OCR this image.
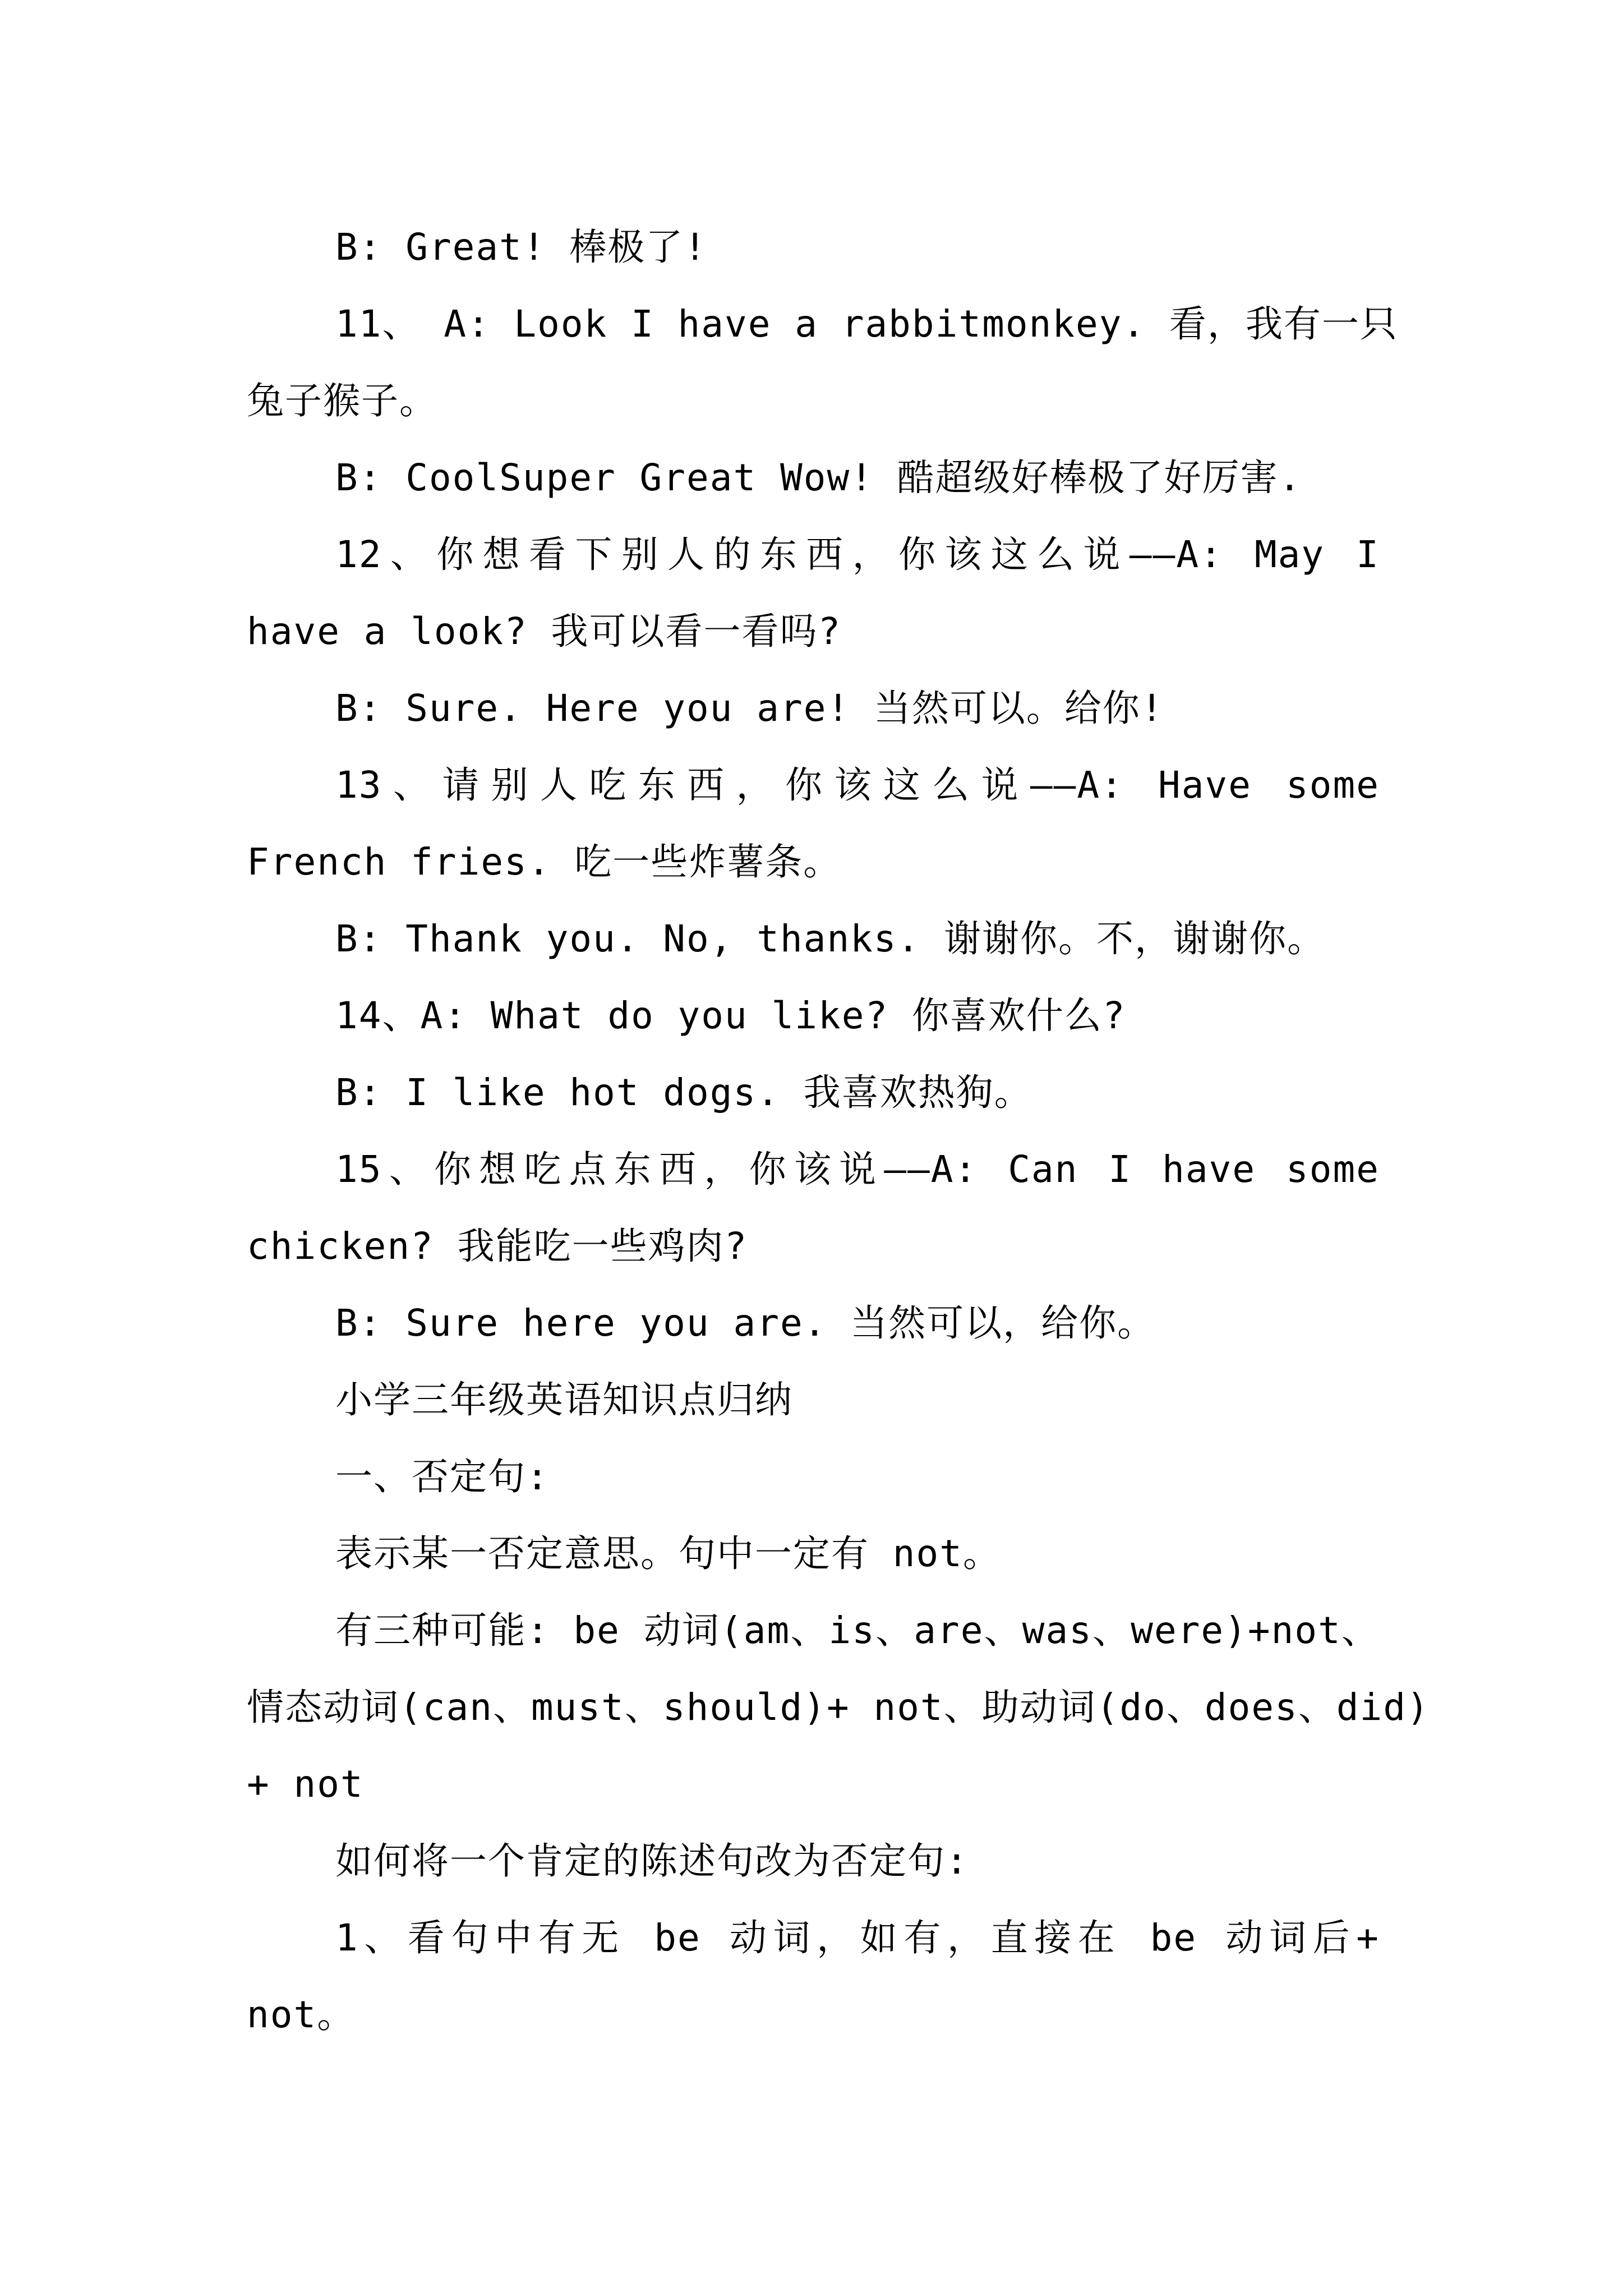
B: Great! 棒极了!
11、 A: Look I have a rabbitmonkey. 看，我有一只
兔子猴子。
B: CoolSuper Great Wow! 酷超级好棒极了好厉害.
12、你想看下别人的东西，你该这么说——A: May I
have a look? 我可以看一看吗?
B: Sure. Here you are! 当然可以。给你!
13、请别人吃东西，你该这么说——A: Have some
French fries. 吃一些炸薯条。
B: Thank you. No, thanks. 谢谢你。不，谢谢你。
14、A: What do you like? 你喜欢什么?
B: I like hot dogs. 我喜欢热狗。
15、你想吃点东西，你该说——A: Can I have some
chicken? 我能吃一些鸡肉?
B: Sure here you are. 当然可以，给你。
小学三年级英语知识点归纳
一、否定句:
表示某一否定意思。句中一定有 not。
有三种可能: be 动词(am、is、are、was、were)+not、
情态动词(can、must、should)+ not、助动词(do、does、did)
+ not
如何将一个肯定的陈述句改为否定句:
1、看句中有无 be 动词，如有，直接在 be 动词后+
not。
